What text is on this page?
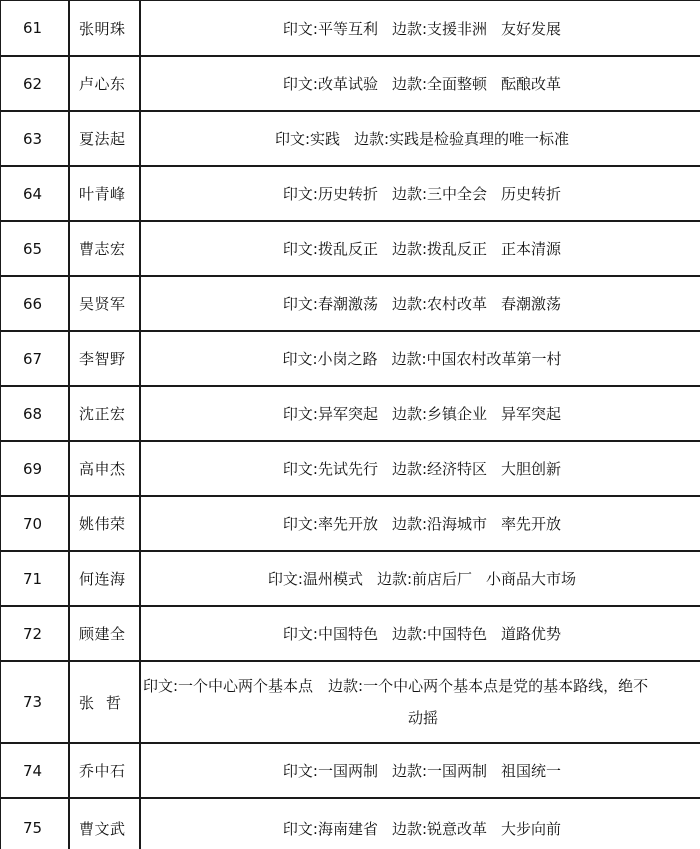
61	张明珠	印文:平等互利 边款:支援非洲 友好发展
62	卢心东	印文:改革试验 边款:全面整顿 酝酿改革
63	夏法起	印文:实践 边款:实践是检验真理的唯一标准
64	叶青峰	印文:历史转折 边款:三中全会 历史转折
65	曹志宏	印文:拨乱反正 边款:拨乱反正 正本清源
66	吴贤军	印文:春潮激荡 边款:农村改革 春潮激荡
67	李智野	印文:小岗之路 边款:中国农村改革第一村
68	沈正宏	印文:异军突起 边款:乡镇企业 异军突起
69	高申杰	印文:先试先行 边款:经济特区 大胆创新
70	姚伟荣	印文:率先开放 边款:沿海城市 率先开放
71	何连海	印文:温州模式 边款:前店后厂 小商品大市场
72	顾建全	印文:中国特色 边款:中国特色 道路优势
73	张哲	印文:一个中心两个基本点　边款:一个中心两个基本点是党的基本路线，绝不
动摇

74	乔中石	印文:一国两制 边款:一国两制 祖国统一
75	曹文武	印文:海南建省 边款:锐意改革 大步向前
